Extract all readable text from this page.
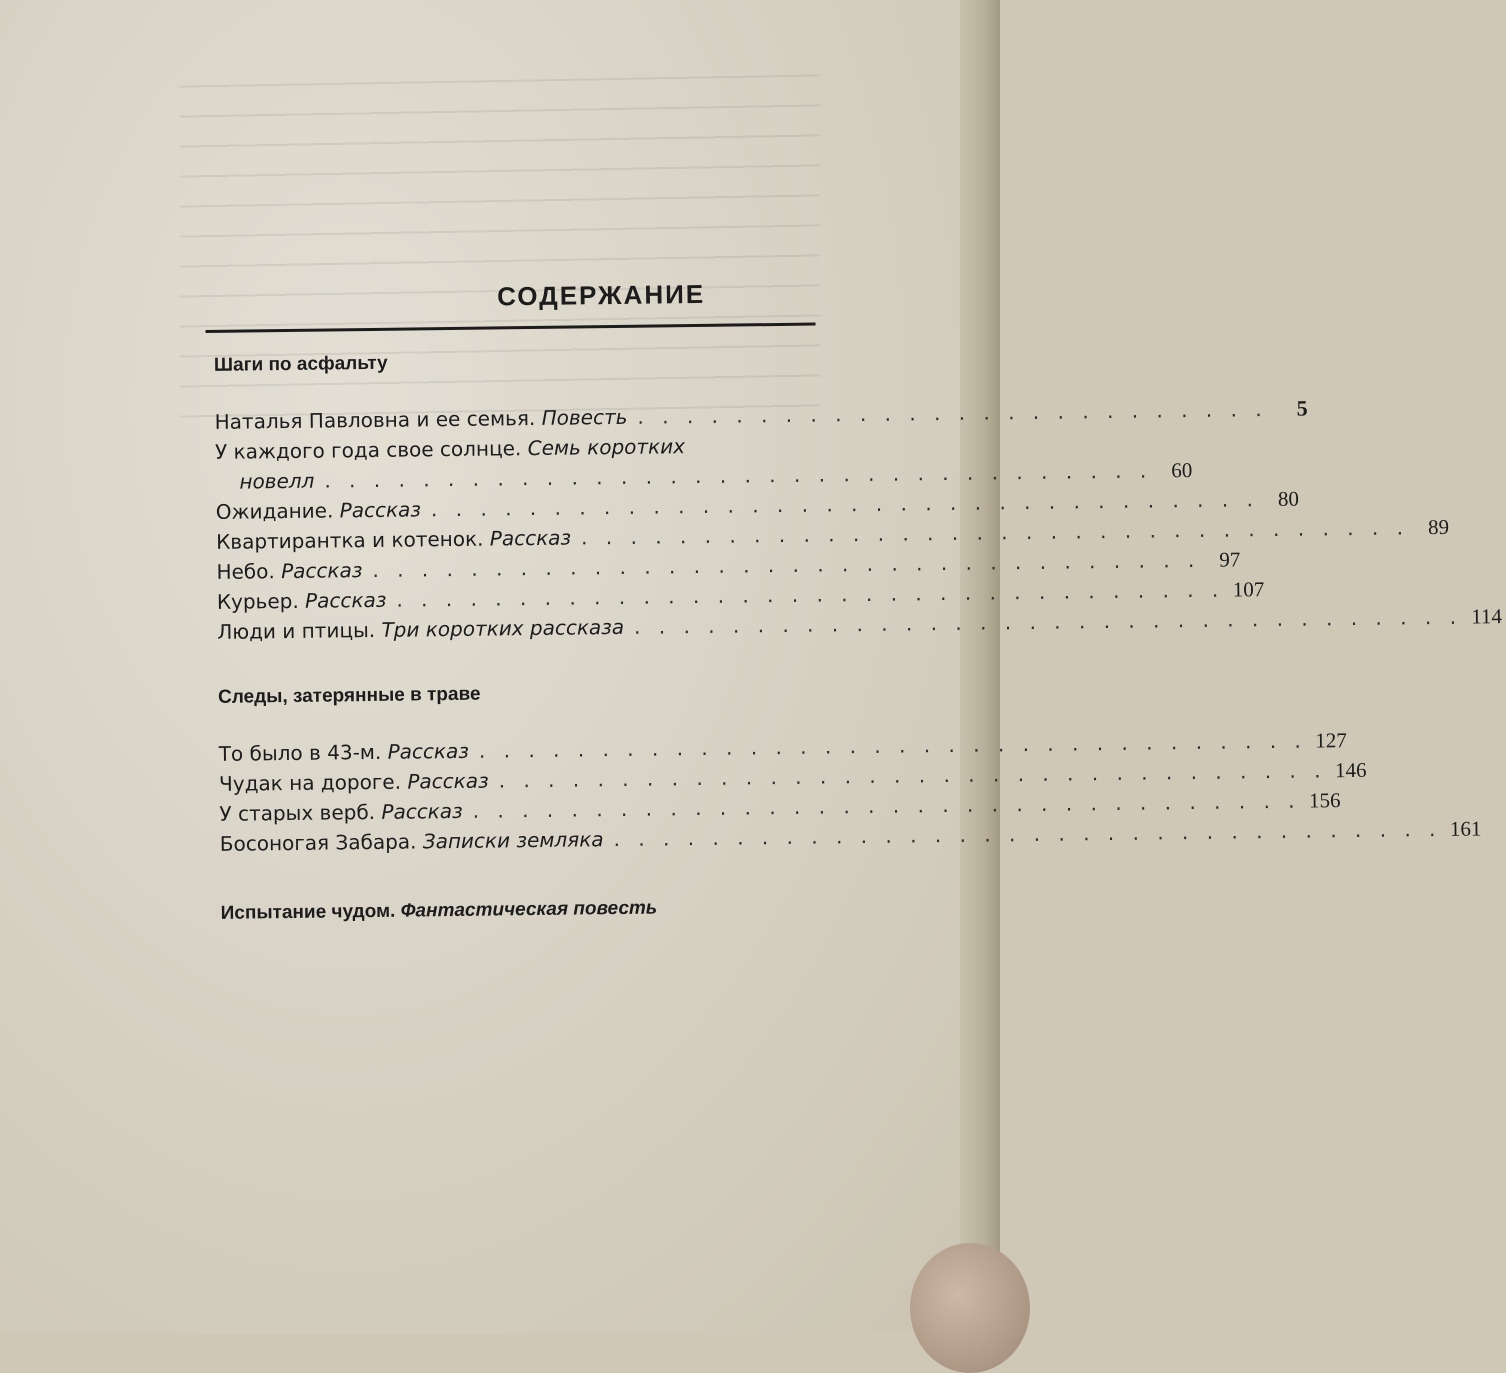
СОДЕРЖАНИЕ
Шаги по асфальту
Наталья Павловна и ее семья. Повесть . . . . . . . . . . . . . . . . . . . . . . . . . .	5
У каждого года свое солнце. Семь коротких
новелл . . . . . . . . . . . . . . . . . . . . . . . . . . . . . . . . . . 60
Ожидание. Рассказ . . . . . . . . . . . . . . . . . . . . . . . . . . . . . . . . . . 80
Квартирантка и котенок. Рассказ . . . . . . . . . . . . . . . . . . . . . . . . . . . . . . . . . . 89
Небо. Рассказ . . . . . . . . . . . . . . . . . . . . . . . . . . . . . . . . . . 97
Курьер. Рассказ . . . . . . . . . . . . . . . . . . . . . . . . . . . . . . . . . . 107
Люди и птицы. Три коротких рассказа . . . . . . . . . . . . . . . . . . . . . . . . . . . . . . . . . . 114
Следы, затерянные в траве
То было в 43-м. Рассказ . . . . . . . . . . . . . . . . . . . . . . . . . . . . . . . . . . 127
Чудак на дороге. Рассказ . . . . . . . . . . . . . . . . . . . . . . . . . . . . . . . . . . 146
У старых верб. Рассказ . . . . . . . . . . . . . . . . . . . . . . . . . . . . . . . . . . 156
Босоногая Забара. Записки земляка . . . . . . . . . . . . . . . . . . . . . . . . . . . . . . . . . . 161
Испытание чудом. Фантастическая повесть
